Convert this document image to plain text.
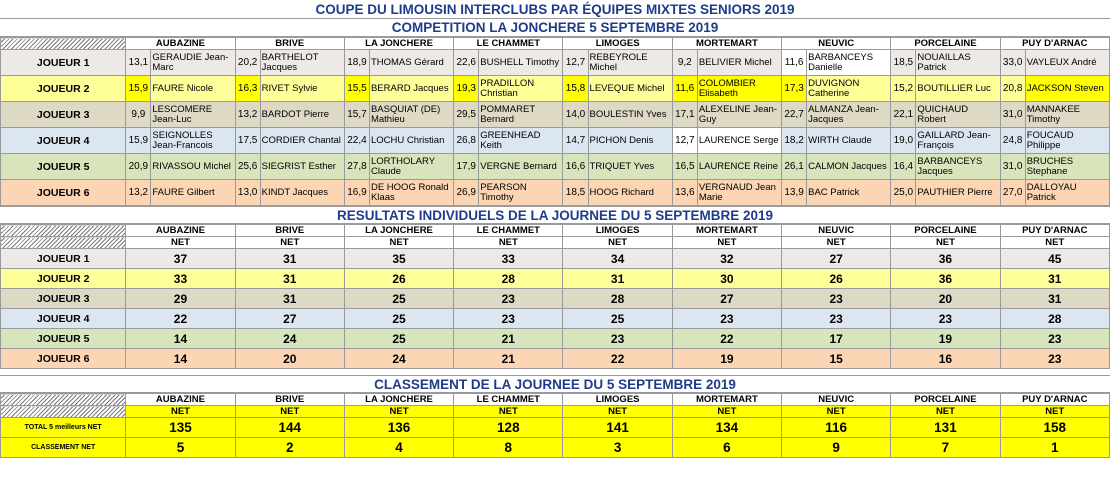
COUPE DU LIMOUSIN INTERCLUBS PAR ÉQUIPES MIXTES SENIORS 2019
COMPETITION LA JONCHERE 5 SEPTEMBRE 2019
	AUBAZINE		BRIVE		LA JONCHERE		LE CHAMMET		LIMOGES		MORTEMART		NEUVIC		PORCELAINE		PUY D'ARNAC	
JOUEUR 1	13,1	GERAUDIE Jean-Marc	20,2	BARTHELOT Jacques	18,9	THOMAS Gérard	22,6	BUSHELL Timothy	12,7	REBEYROLE Michel	9,2	BELIVIER Michel	11,6	BARBANCEYS Danielle	18,5	NOUAILLAS Patrick	33,0	VAYLEUX André
JOUEUR 2	15,9	FAURE Nicole	16,3	RIVET Sylvie	15,5	BERARD Jacques	19,3	PRADILLON Christian	15,8	LEVEQUE Michel	11,6	COLOMBIER Elisabeth	17,3	DUVIGNON Catherine	15,2	BOUTILLIER Luc	20,8	JACKSON Steven
JOUEUR 3	9,9	LESCOMERE Jean-Luc	13,2	BARDOT Pierre	15,7	BASQUIAT (DE) Mathieu	29,5	POMMARET Bernard	14,0	BOULESTIN Yves	17,1	ALEXELINE Jean-Guy	22,7	ALMANZA Jean-Jacques	22,1	QUICHAUD Robert	31,0	MANNAKEE Timothy
JOUEUR 4	15,9	SEIGNOLLES Jean-Francois	17,5	CORDIER Chantal	22,4	LOCHU Christian	26,8	GREENHEAD Keith	14,7	PICHON Denis	12,7	LAURENCE Serge	18,2	WIRTH Claude	19,0	GAILLARD Jean-François	24,8	FOUCAUD Philippe
JOUEUR 5	20,9	RIVASSOU Michel	25,6	SIEGRIST Esther	27,8	LORTHOLARY Claude	17,9	VERGNE Bernard	16,6	TRIQUET Yves	16,5	LAURENCE Reine	26,1	CALMON Jacques	16,4	BARBANCEYS Jacques	31,0	BRUCHES Stephane
JOUEUR 6	13,2	FAURE Gilbert	13,0	KINDT Jacques	16,9	DE HOOG Ronald Klaas	26,9	PEARSON Timothy	18,5	HOOG Richard	13,6	VERGNAUD Jean Marie	13,9	BAC Patrick	25,0	PAUTHIER Pierre	27,0	DALLOYAU Patrick
RESULTATS INDIVIDUELS DE LA JOURNEE DU 5 SEPTEMBRE 2019
	AUBAZINE	BRIVE	LA JONCHERE	LE CHAMMET	LIMOGES	MORTEMART	NEUVIC	PORCELAINE	PUY D'ARNAC
	NET	NET	NET	NET	NET	NET	NET	NET	NET
JOUEUR 1	37	31	35	33	34	32	27	36	45
JOUEUR 2	33	31	26	28	31	30	26	36	31
JOUEUR 3	29	31	25	23	28	27	23	20	31
JOUEUR 4	22	27	25	23	25	23	23	23	28
JOUEUR 5	14	24	25	21	23	22	17	19	23
JOUEUR 6	14	20	24	21	22	19	15	16	23
CLASSEMENT DE LA JOURNEE DU 5 SEPTEMBRE 2019
	AUBAZINE	BRIVE	LA JONCHERE	LE CHAMMET	LIMOGES	MORTEMART	NEUVIC	PORCELAINE	PUY D'ARNAC
	NET	NET	NET	NET	NET	NET	NET	NET	NET
TOTAL 5 meilleurs NET	135	144	136	128	141	134	116	131	158
CLASSEMENT NET	5	2	4	8	3	6	9	7	1
